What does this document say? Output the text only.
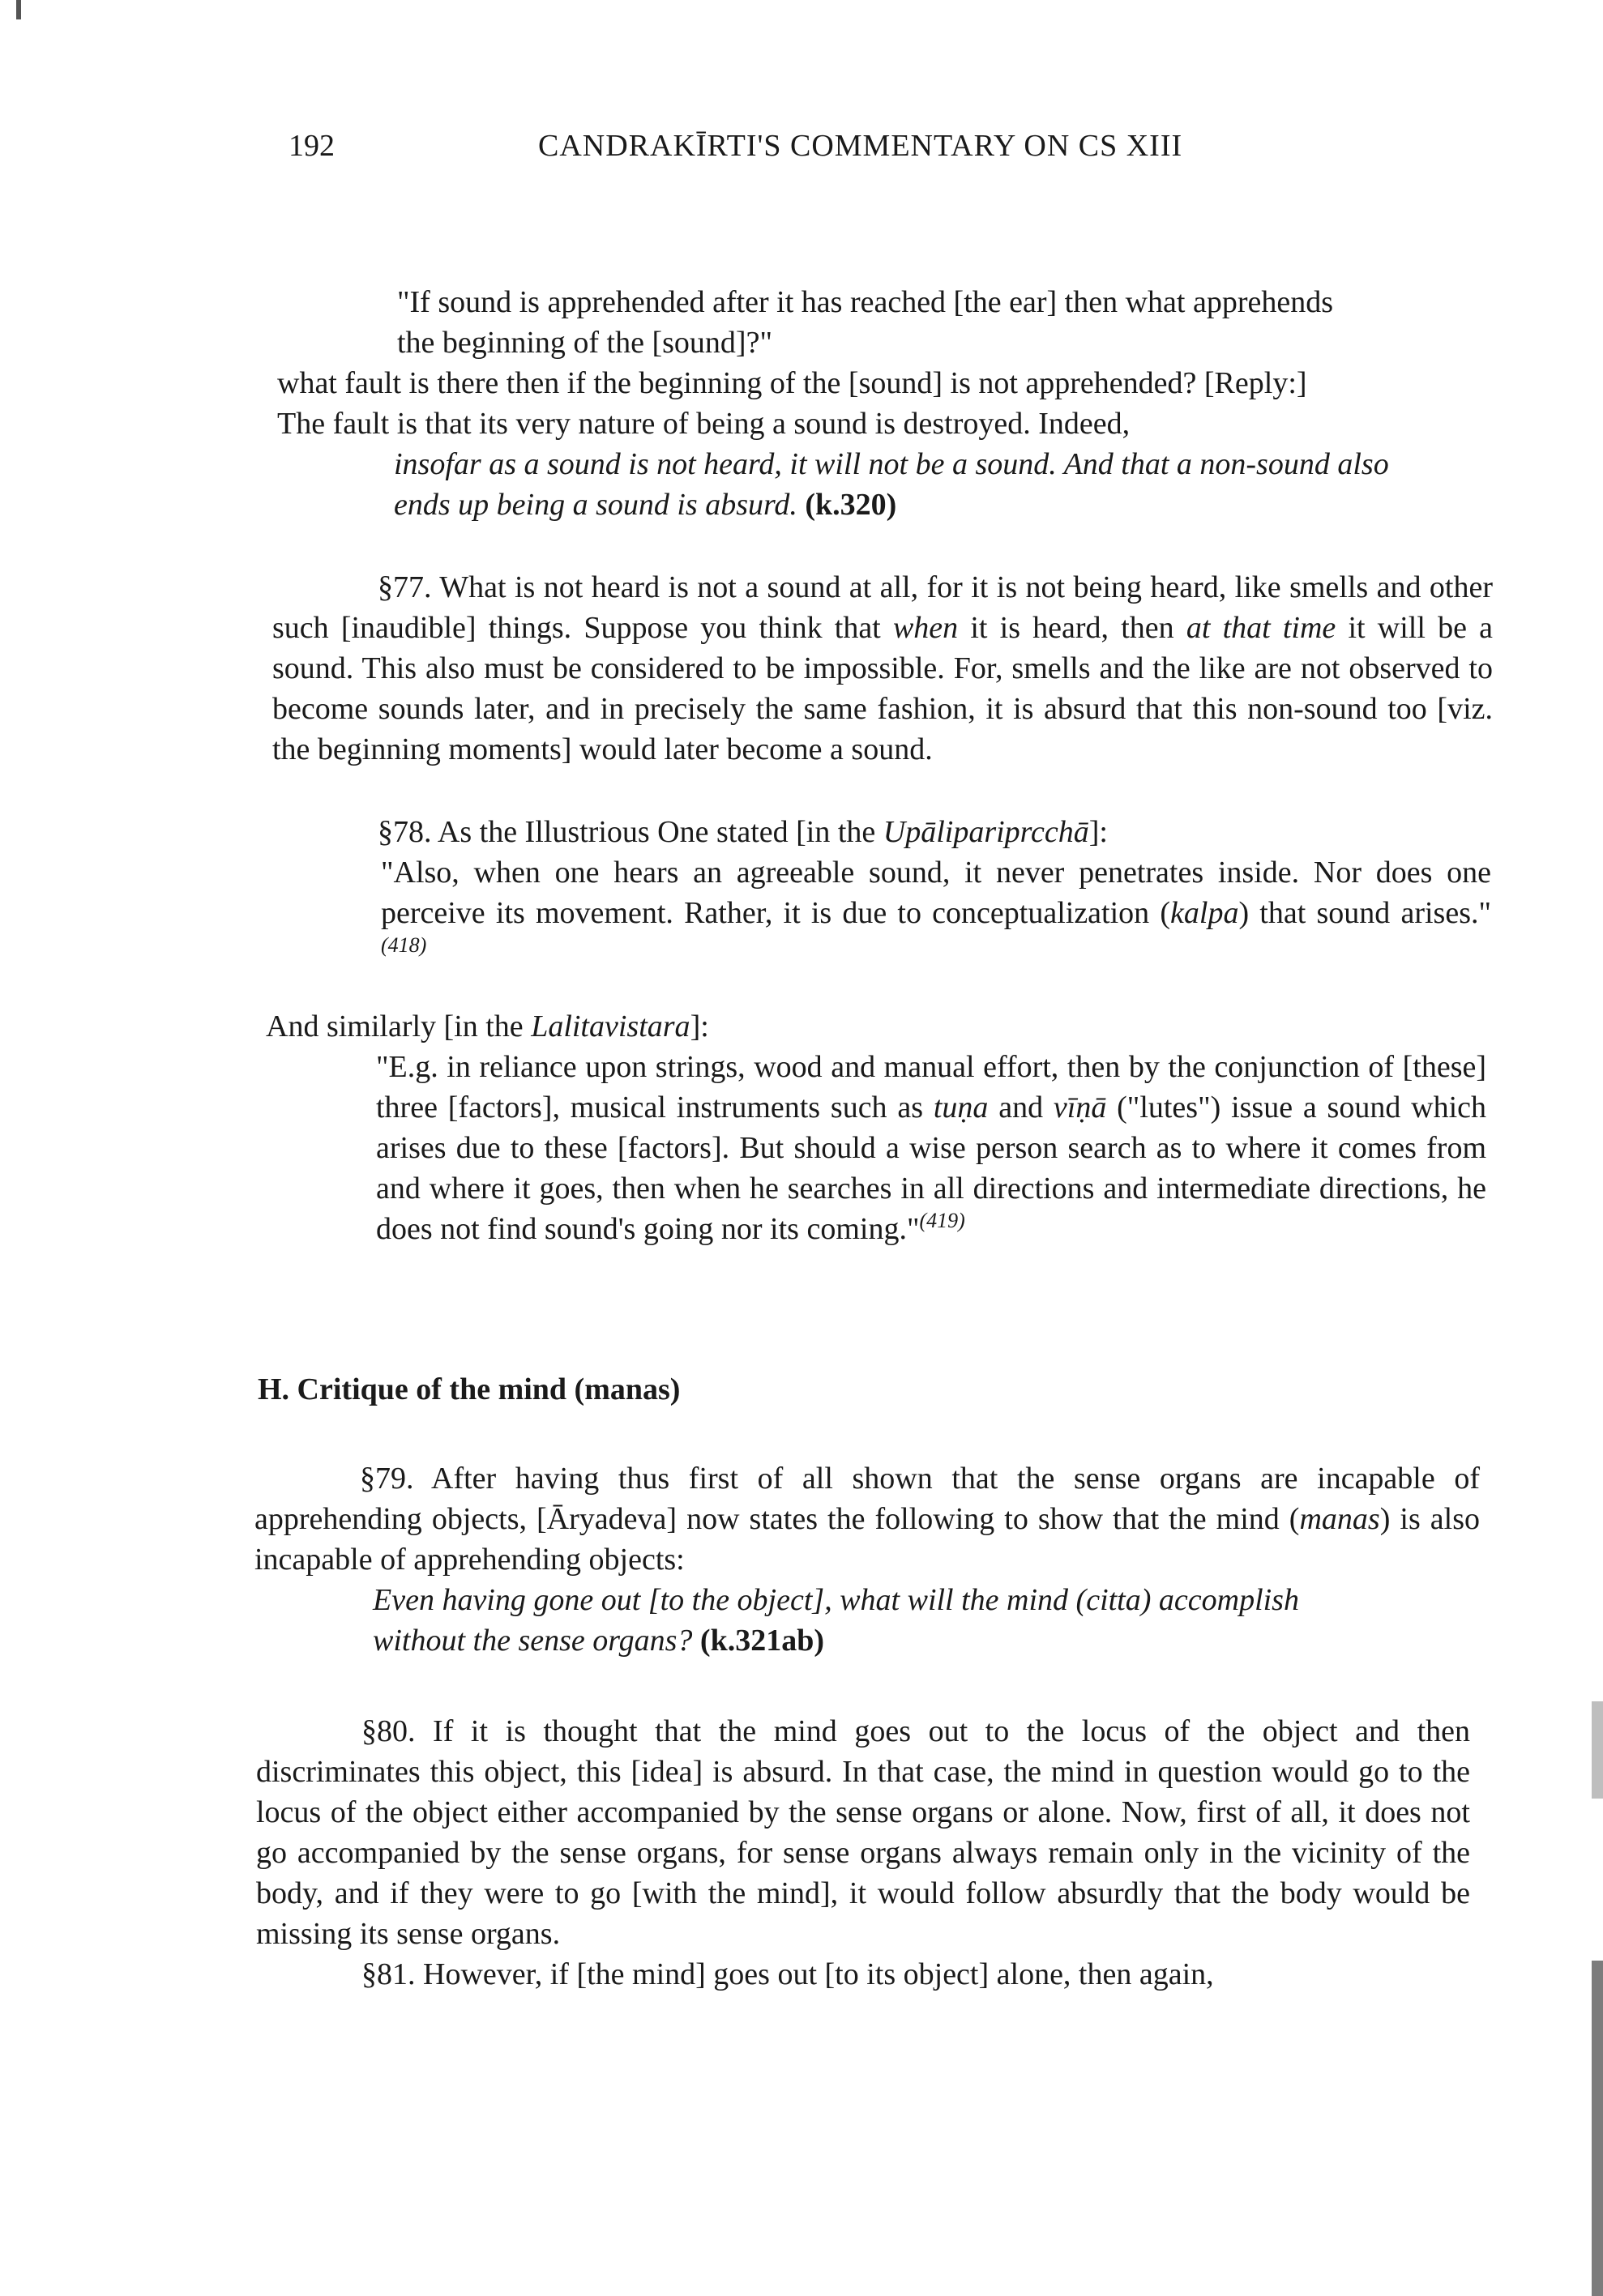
192	CANDRAKĪRTI'S COMMENTARY ON CS XIII
"If sound is apprehended after it has reached [the ear] then what apprehends
the beginning of the [sound]?"
what fault is there then if the beginning of the [sound] is not apprehended? [Reply:]
The fault is that its very nature of being a sound is destroyed. Indeed,
insofar as a sound is not heard, it will not be a sound. And that a non-sound also
ends up being a sound is absurd. (k.320)
§77. What is not heard is not a sound at all, for it is not being heard, like smells and other such [inaudible] things. Suppose you think that when it is heard, then at that time it will be a sound. This also must be considered to be impossible. For, smells and the like are not observed to become sounds later, and in precisely the same fashion, it is absurd that this non-sound too [viz. the beginning moments] would later become a sound.
§78. As the Illustrious One stated [in the Upālipariprcchā]:
"Also, when one hears an agreeable sound, it never penetrates inside. Nor does one perceive its movement. Rather, it is due to conceptualization (kalpa) that sound arises."$^{(418)}$
And similarly [in the Lalitavistara]:
"E.g. in reliance upon strings, wood and manual effort, then by the conjunction of [these] three [factors], musical instruments such as tuṇa and vīṇā ("lutes") issue a sound which arises due to these [factors]. But should a wise person search as to where it comes from and where it goes, then when he searches in all directions and intermediate directions, he does not find sound's going nor its coming."$^{(419)}$
H. Critique of the mind (manas)
§79. After having thus first of all shown that the sense organs are incapable of apprehending objects, [Āryadeva] now states the following to show that the mind (manas) is also incapable of apprehending objects:
Even having gone out [to the object], what will the mind (citta) accomplish
without the sense organs? (k.321ab)
§80. If it is thought that the mind goes out to the locus of the object and then discriminates this object, this [idea] is absurd. In that case, the mind in question would go to the locus of the object either accompanied by the sense organs or alone. Now, first of all, it does not go accompanied by the sense organs, for sense organs always remain only in the vicinity of the body, and if they were to go [with the mind], it would follow absurdly that the body would be missing its sense organs.
§81. However, if [the mind] goes out [to its object] alone, then again,
